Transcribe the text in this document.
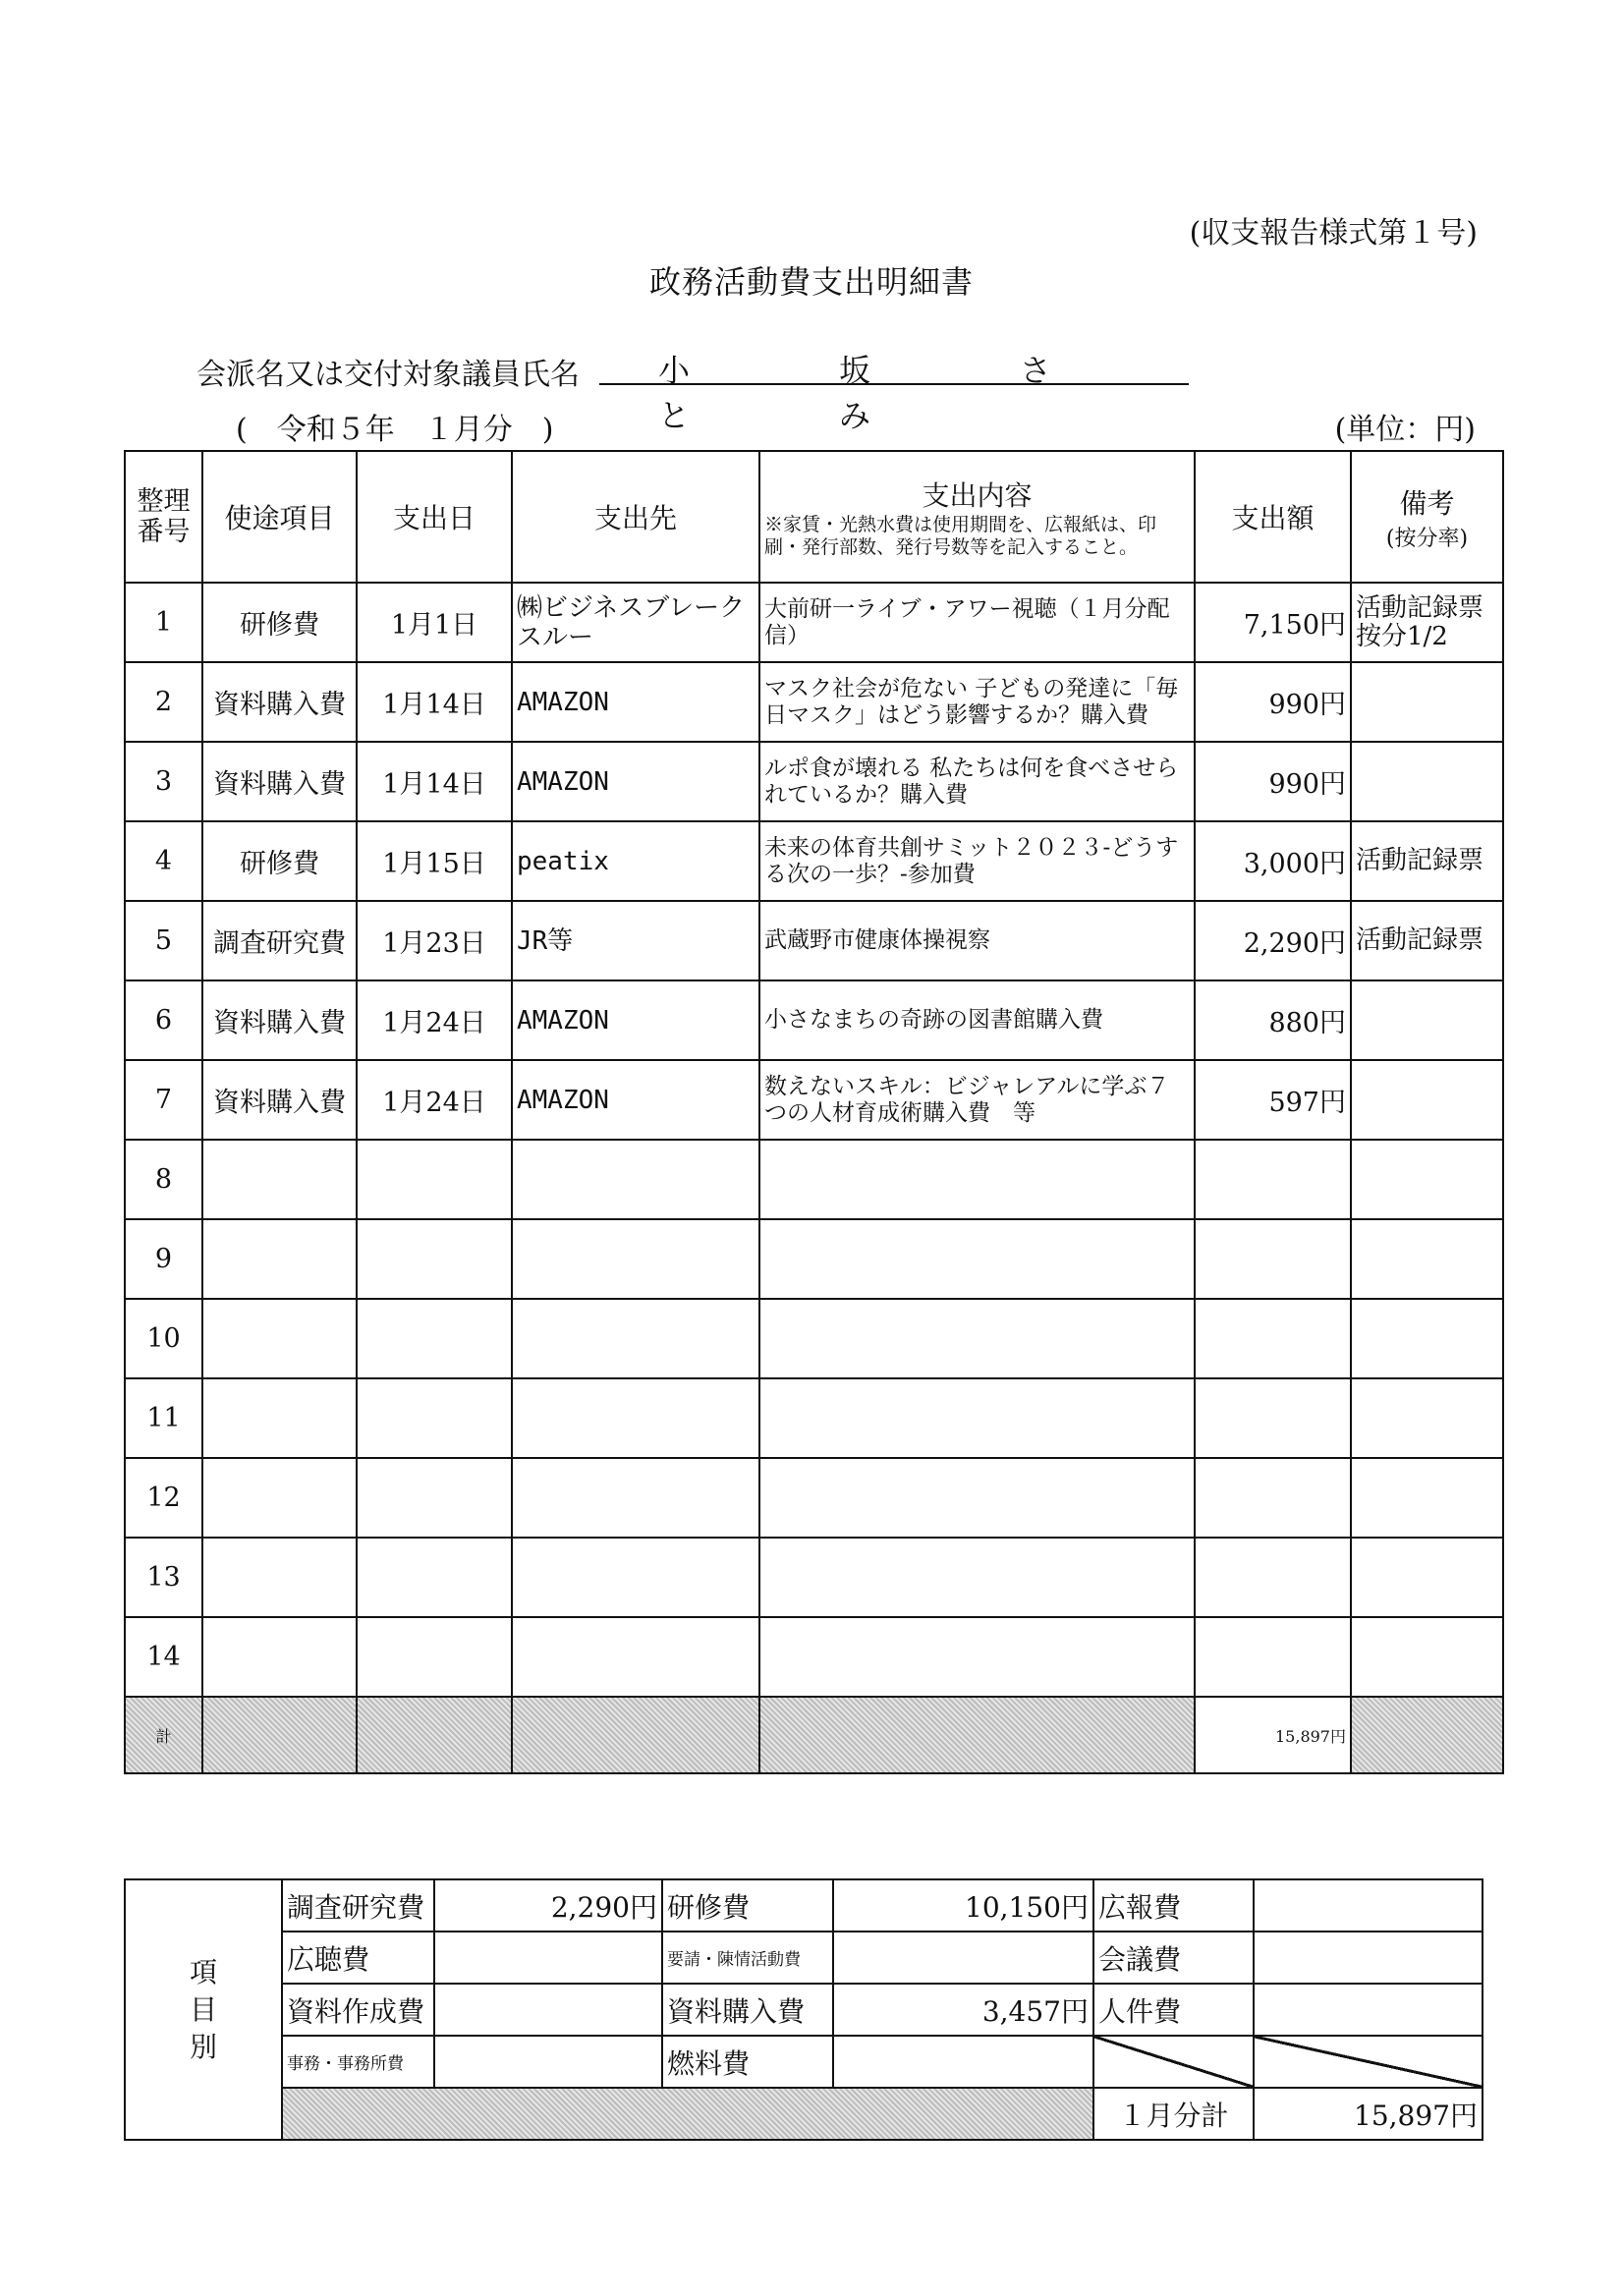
(収支報告様式第１号)
政務活動費支出明細書
会派名又は交付対象議員氏名	小　坂　さ　と　み
(　令和５年　１月分　)	(単位：円)
整理番号	使途項目	支出日	支出先	支出内容
※家賃・光熱水費は使用期間を、広報紙は、印刷・発行部数、発行号数等を記入すること。	支出額	備考
(按分率)

1	研修費	1月1日	㈱ビジネスブレークスルー	大前研一ライブ・アワー視聴（１月分配信）	7,150円	活動記録票按分1/2
2	資料購入費	1月14日	AMAZON	マスク社会が危ない 子どもの発達に「毎日マスク」はどう影響するか？購入費	990円	
3	資料購入費	1月14日	AMAZON	ルポ食が壊れる 私たちは何を食べさせられているか？購入費	990円	
4	研修費	1月15日	peatix	未来の体育共創サミット２０２３-どうする次の一歩？-参加費	3,000円	活動記録票
5	調査研究費	1月23日	JR等	武蔵野市健康体操視察	2,290円	活動記録票
6	資料購入費	1月24日	AMAZON	小さなまちの奇跡の図書館購入費	880円	
7	資料購入費	1月24日	AMAZON	数えないスキル：ビジャレアルに学ぶ７つの人材育成術購入費　等	597円	
8						
9						
10						
11						
12						
13						
14						
計					15,897円	
項目別	調査研究費	2,290円	研修費	10,150円	広報費	
	広聴費		要請・陳情活動費		会議費	
	資料作成費		資料購入費	3,457円	人件費	
	事務・事務所費		燃料費			
					１月分計	15,897円
